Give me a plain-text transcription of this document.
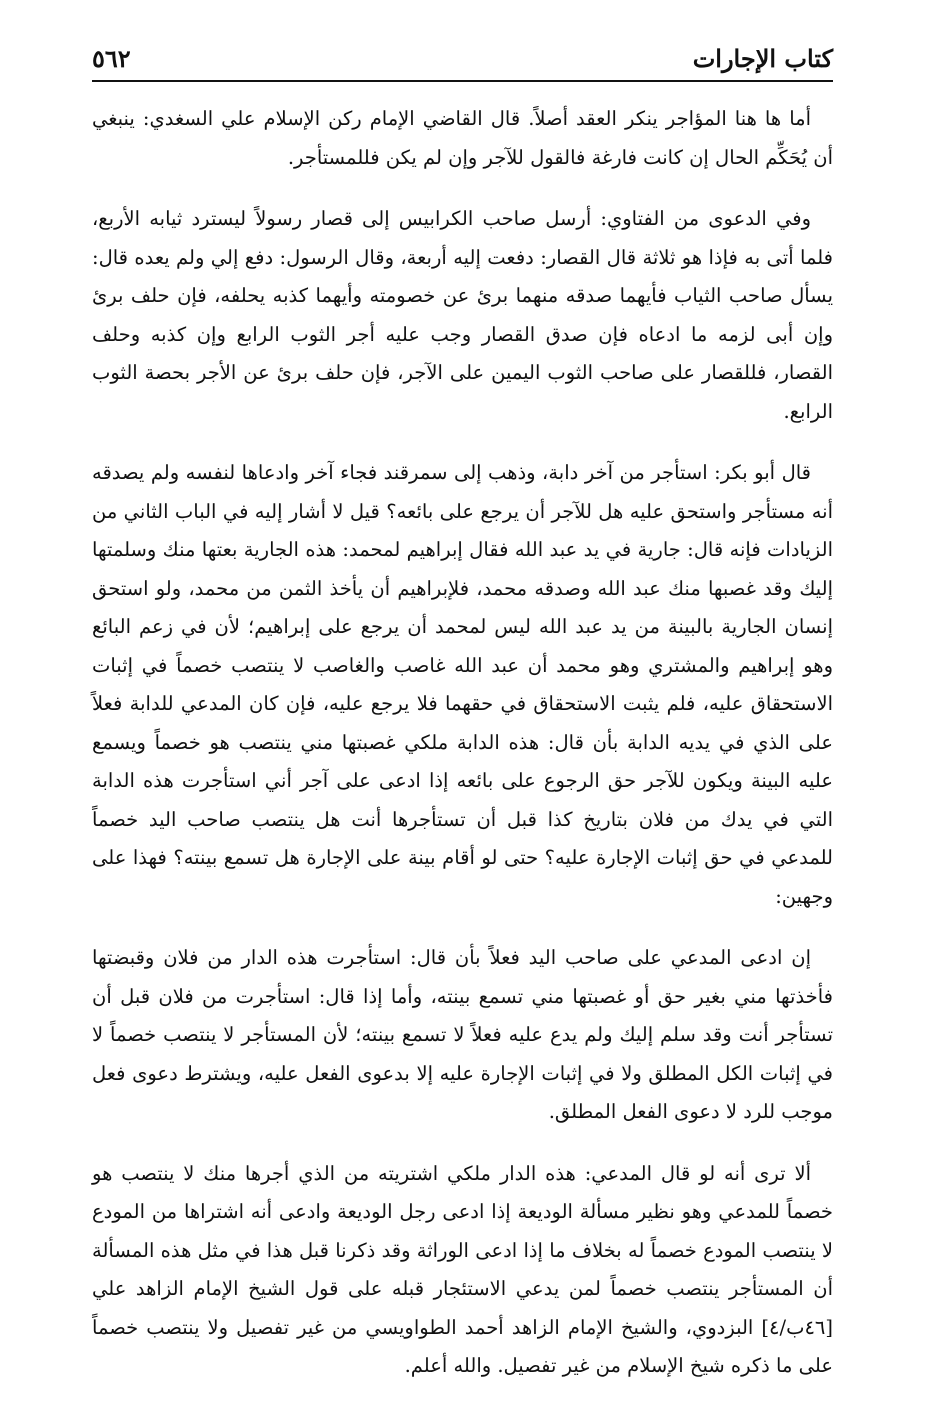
كتاب الإجارات
٥٦٢

أما ها هنا المؤاجر ينكر العقد أصلاً. قال القاضي الإمام ركن الإسلام علي السغدي: ينبغي أن يُحَكِّم الحال إن كانت فارغة فالقول للآجر وإن لم يكن فللمستأجر.

وفي الدعوى من الفتاوي: أرسل صاحب الكرابيس إلى قصار رسولاً ليسترد ثيابه الأربع، فلما أتى به فإذا هو ثلاثة قال القصار: دفعت إليه أربعة، وقال الرسول: دفع إلي ولم يعده قال: يسأل صاحب الثياب فأيهما صدقه منهما برئ عن خصومته وأيهما كذبه يحلفه، فإن حلف برئ وإن أبى لزمه ما ادعاه فإن صدق القصار وجب عليه أجر الثوب الرابع وإن كذبه وحلف القصار، فللقصار على صاحب الثوب اليمين على الآجر، فإن حلف برئ عن الأجر بحصة الثوب الرابع.

قال أبو بكر: استأجر من آخر دابة، وذهب إلى سمرقند فجاء آخر وادعاها لنفسه ولم يصدقه أنه مستأجر واستحق عليه هل للآجر أن يرجع على بائعه؟ قيل لا أشار إليه في الباب الثاني من الزيادات فإنه قال: جارية في يد عبد الله فقال إبراهيم لمحمد: هذه الجارية بعتها منك وسلمتها إليك وقد غصبها منك عبد الله وصدقه محمد، فلإبراهيم أن يأخذ الثمن من محمد، ولو استحق إنسان الجارية بالبينة من يد عبد الله ليس لمحمد أن يرجع على إبراهيم؛ لأن في زعم البائع وهو إبراهيم والمشتري وهو محمد أن عبد الله غاصب والغاصب لا ينتصب خصماً في إثبات الاستحقاق عليه، فلم يثبت الاستحقاق في حقهما فلا يرجع عليه، فإن كان المدعي للدابة فعلاً على الذي في يديه الدابة بأن قال: هذه الدابة ملكي غصبتها مني ينتصب هو خصماً ويسمع عليه البينة ويكون للآجر حق الرجوع على بائعه إذا ادعى على آجر أني استأجرت هذه الدابة التي في يدك من فلان بتاريخ كذا قبل أن تستأجرها أنت هل ينتصب صاحب اليد خصماً للمدعي في حق إثبات الإجارة عليه؟ حتى لو أقام بينة على الإجارة هل تسمع بينته؟ فهذا على وجهين:

إن ادعى المدعي على صاحب اليد فعلاً بأن قال: استأجرت هذه الدار من فلان وقبضتها فأخذتها مني بغير حق أو غصبتها مني تسمع بينته، وأما إذا قال: استأجرت من فلان قبل أن تستأجر أنت وقد سلم إليك ولم يدع عليه فعلاً لا تسمع بينته؛ لأن المستأجر لا ينتصب خصماً لا في إثبات الكل المطلق ولا في إثبات الإجارة عليه إلا بدعوى الفعل عليه، ويشترط دعوى فعل موجب للرد لا دعوى الفعل المطلق.

ألا ترى أنه لو قال المدعي: هذه الدار ملكي اشتريته من الذي أجرها منك لا ينتصب هو خصماً للمدعي وهو نظير مسألة الوديعة إذا ادعى رجل الوديعة وادعى أنه اشتراها من المودع لا ينتصب المودع خصماً له بخلاف ما إذا ادعى الوراثة وقد ذكرنا قبل هذا في مثل هذه المسألة أن المستأجر ينتصب خصماً لمن يدعي الاستئجار قبله على قول الشيخ الإمام الزاهد علي [٤٦ب/٤] البزدوي، والشيخ الإمام الزاهد أحمد الطواويسي من غير تفصيل ولا ينتصب خصماً على ما ذكره شيخ الإسلام من غير تفصيل. والله أعلم.
